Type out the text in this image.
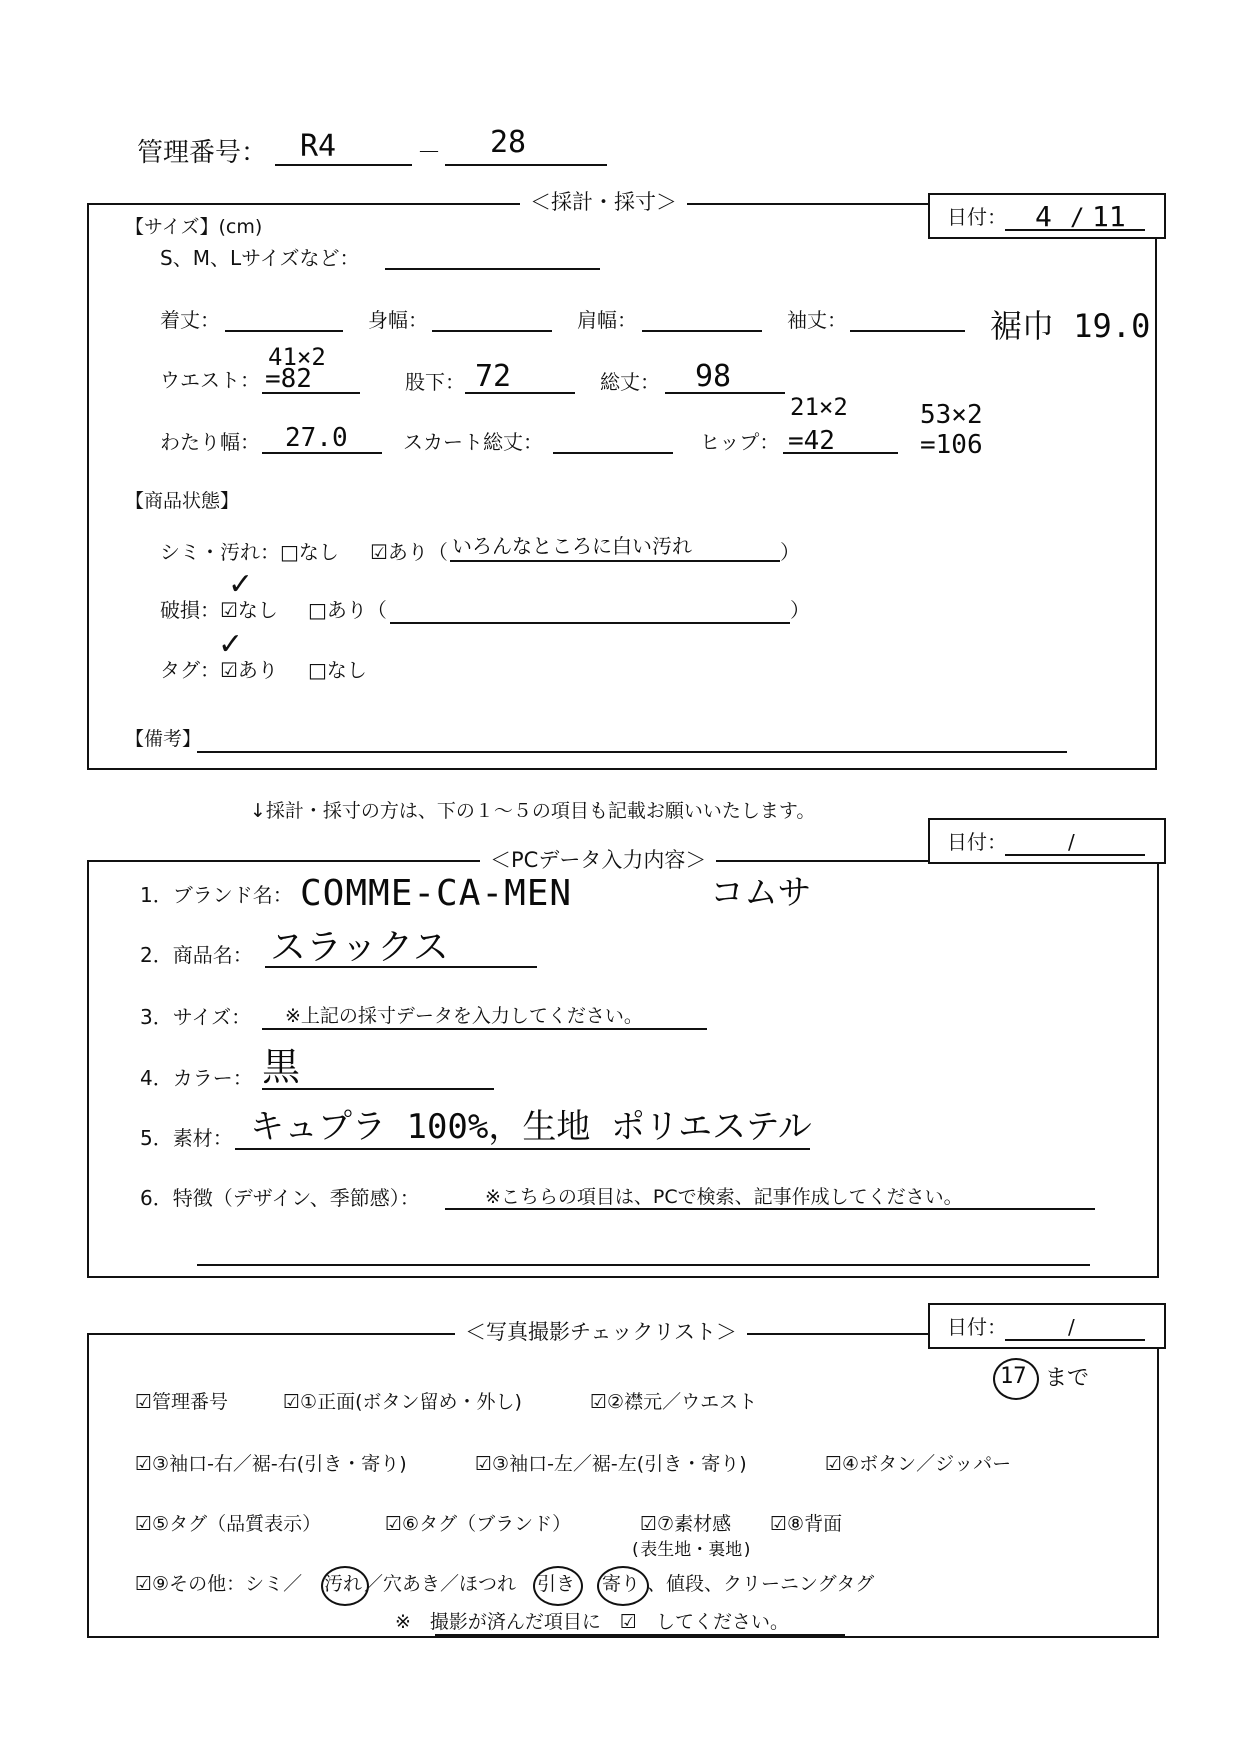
管理番号： R4	－ 28
＜採計・採寸＞
日付： 4 / 11
【サイズ】(cm)
S、M、Lサイズなど：
着丈：	身幅：	肩幅：	袖丈：	裾巾 19.0
41×2
ウエスト： =82	股下： 72	総丈： 98
21×2	53×2
わたり幅： 27.0	スカート総丈：	ヒップ： =42	=106
【商品状態】
シミ・汚れ：□なし ☑あり（ いろんなところに白い汚れ	）
破損：☑なし
✓
□あり（	）
タグ：☑あり
✓
□なし
【備考】
↓採計・採寸の方は、下の１～５の項目も記載お願いいたします。
＜PCデータ入力内容＞
日付：	/
1．ブランド名： COMME-CA-MEN	コムサ
2．商品名： スラックス
3．サイズ： ※上記の採寸データを入力してください。
4．カラー： 黒
5．素材： キュプラ 100%，生地 ポリエステル
6．特徴（デザイン、季節感）：	※こちらの項目は、PCで検索、記事作成してください。
＜写真撮影チェックリスト＞	日付：	/
17 まで
☑管理番号	☑①正面(ボタン留め・外し)	☑②襟元／ウエスト
☑③袖口-右／裾-右(引き・寄り)	☑③袖口-左／裾-左(引き・寄り)	☑④ボタン／ジッパー
☑⑤タグ（品質表示）	☑⑥タグ（ブランド）	☑⑦素材感 ☑⑧背面
(表生地・裏地)
☑⑨その他：シミ／ 汚れ ／穴あき／ほつれ 引き 寄り 、値段、クリーニングタグ
※　撮影が済んだ項目に　☑　してください。
